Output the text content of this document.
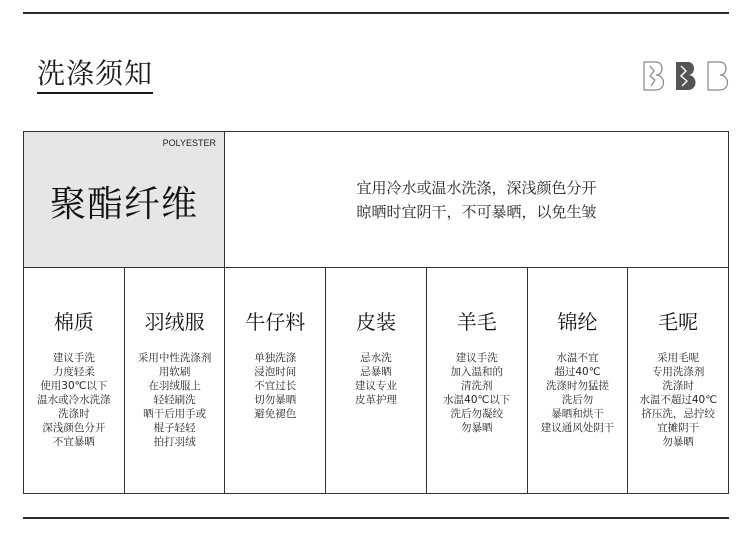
洗涤须知
POLYESTER
聚酯纤维	宜用冷水或温水洗涤，深浅颜色分开
晾晒时宜阴干，不可暴晒，以免生皱
棉质
建议手洗
力度轻柔
使用30℃以下
温水或冷水洗涤
洗涤时
深浅颜色分开
不宜暴晒
羽绒服
采用中性洗涤剂
用软刷
在羽绒服上
轻轻刷洗
晒干后用手或
棍子轻轻
拍打羽绒
牛仔料
单独洗涤
浸泡时间
不宜过长
切勿暴晒
避免褪色
皮装
忌水洗
忌暴晒
建议专业
皮革护理
羊毛
建议手洗
加入温和的
清洗剂
水温40℃以下
洗后勿凝绞
勿暴晒
锦纶
水温不宜
超过40℃
洗涤时勿猛搓
洗后勿
暴晒和烘干
建议通风处阴干
毛呢
采用毛呢
专用洗涤剂
洗涤时
水温不超过40℃
挤压洗，忌拧绞
宜摊阴干
勿暴晒
